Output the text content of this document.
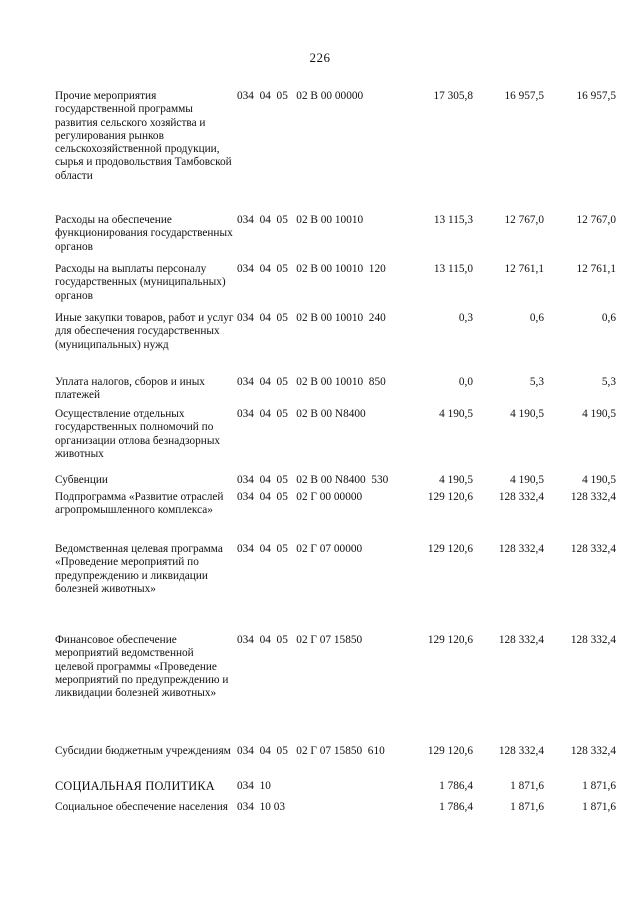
226
Прочие мероприятия государственной программы развития сельского хозяйства и регулирования рынков сельскохозяйственной продукции, сырья и продовольствия Тамбовской области
034  04  05   02 В 00 00000	17 305,8	16 957,5	16 957,5
Расходы на обеспечение функционирования государственных органов
034  04  05   02 В 00 10010	13 115,3	12 767,0	12 767,0
Расходы на выплаты персоналу государственных (муниципальных) органов
034  04  05   02 В 00 10010  120	13 115,0	12 761,1	12 761,1
Иные закупки товаров, работ и услуг для обеспечения государственных (муниципальных) нужд
034  04  05   02 В 00 10010  240	0,3	0,6	0,6
Уплата налогов, сборов и иных платежей
034  04  05   02 В 00 10010  850	0,0	5,3	5,3
Осуществление отдельных государственных полномочий по организации отлова безнадзорных животных
034  04  05   02 В 00 N8400	4 190,5	4 190,5	4 190,5
Субвенции	034  04  05   02 В 00 N8400  530	4 190,5	4 190,5	4 190,5
Подпрограмма «Развитие отраслей агропромышленного комплекса»
034  04  05   02 Г 00 00000	129 120,6	128 332,4	128 332,4
Ведомственная целевая программа «Проведение мероприятий по предупреждению и ликвидации болезней животных»
034  04  05   02 Г 07 00000	129 120,6	128 332,4	128 332,4
Финансовое обеспечение мероприятий ведомственной целевой программы «Проведение мероприятий по предупреждению и ликвидации болезней животных»
034  04  05   02 Г 07 15850	129 120,6	128 332,4	128 332,4
Субсидии бюджетным учреждениям 034  04  05   02 Г 07 15850  610	129 120,6	128 332,4	128 332,4
СОЦИАЛЬНАЯ ПОЛИТИКА	034  10	1 786,4	1 871,6	1 871,6
Социальное обеспечение населения 034  10 03	1 786,4	1 871,6	1 871,6
